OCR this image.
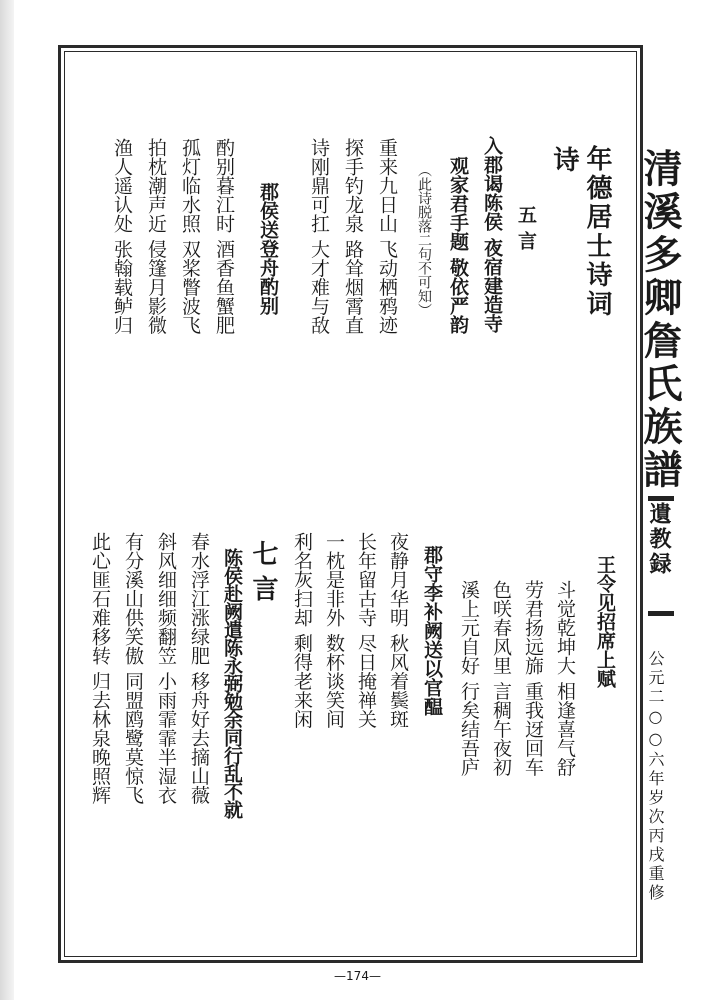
清溪多卿詹氏族譜
遺教録
公元二○○六年岁次丙戌重修
年德居士诗词
诗
五 言
入郡谒陈侯 夜宿建造寺
观家君手题 敬依严韵
（此诗脱落二句不可知）
重来九日山 飞动栖鸦迹
探手钓龙泉 路耸烟霄直
诗刚鼎可扛 大才难与敌
郡侯送登舟酌别
酌别暮江时 酒香鱼蟹肥
孤灯临水照 双桨瞥波飞
拍枕潮声近 侵篷月影微
渔人遥认处 张翰载鲈归
王令见招席上赋
斗觉乾坤大 相逢喜气舒
劳君扬远旆 重我迓回车
色咲春风里 言稠午夜初
溪上元自好 行矣结吾庐
郡守李补阙送以官醖
夜静月华明 秋风着鬓斑
长年留古寺 尽日掩禅关
一枕是非外 数杯谈笑间
利名灰扫却 剩得老来闲
七 言
陈侯赴阙遣陈永弼勉余同行乱不就
春水浮江涨绿肥 移舟好去摘山薇
斜风细细频翻笠 小雨霏霏半湿衣
有分溪山供笑傲 同盟鸥鹭莫惊飞
此心匪石难移转 归去林泉晚照辉
—174—
